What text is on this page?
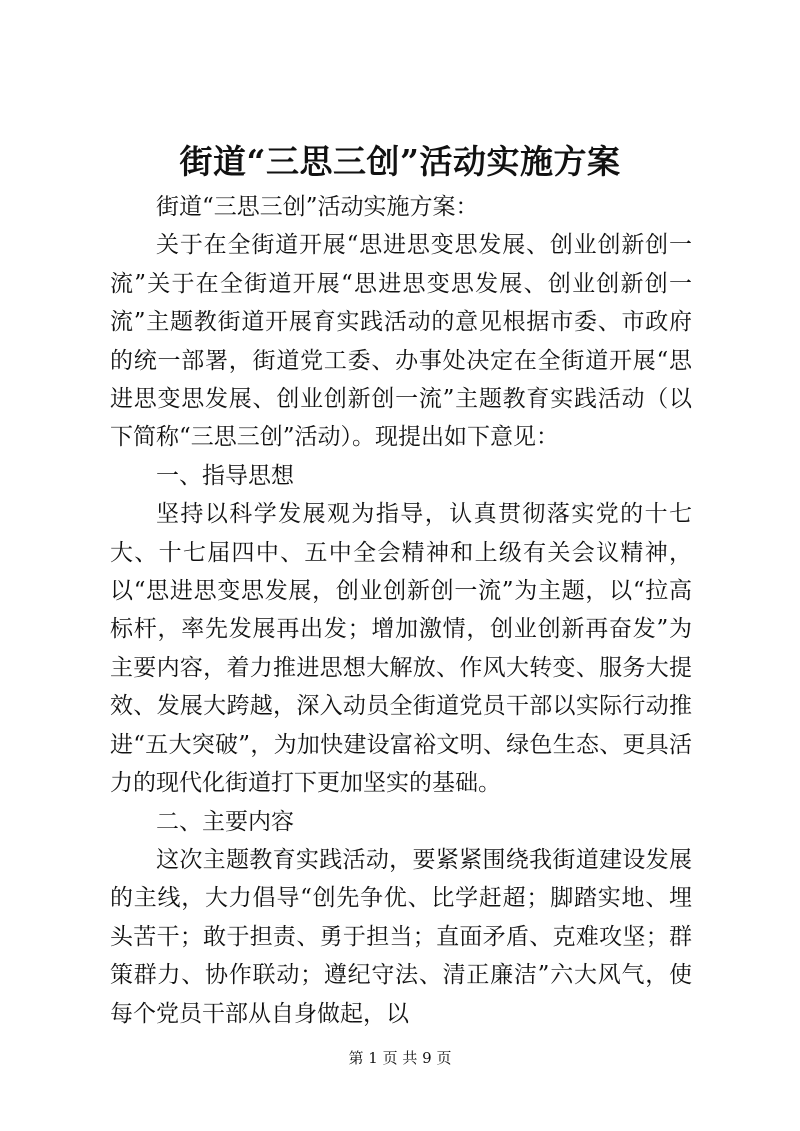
街道“三思三创”活动实施方案

街道“三思三创”活动实施方案：

关于在全街道开展“思进思变思发展、创业创新创一流”关于在全街道开展“思进思变思发展、创业创新创一流”主题教街道开展育实践活动的意见根据市委、市政府的统一部署，街道党工委、办事处决定在全街道开展“思进思变思发展、创业创新创一流”主题教育实践活动（以下简称“三思三创”活动）。现提出如下意见：

一、指导思想

坚持以科学发展观为指导，认真贯彻落实党的十七大、十七届四中、五中全会精神和上级有关会议精神，以“思进思变思发展，创业创新创一流”为主题，以“拉高标杆，率先发展再出发；增加激情，创业创新再奋发”为主要内容，着力推进思想大解放、作风大转变、服务大提效、发展大跨越，深入动员全街道党员干部以实际行动推进“五大突破”，为加快建设富裕文明、绿色生态、更具活力的现代化街道打下更加坚实的基础。

二、主要内容

这次主题教育实践活动，要紧紧围绕我街道建设发展的主线，大力倡导“创先争优、比学赶超；脚踏实地、埋头苦干；敢于担责、勇于担当；直面矛盾、克难攻坚；群策群力、协作联动；遵纪守法、清正廉洁”六大风气，使每个党员干部从自身做起，以

第 1 页 共 9 页
